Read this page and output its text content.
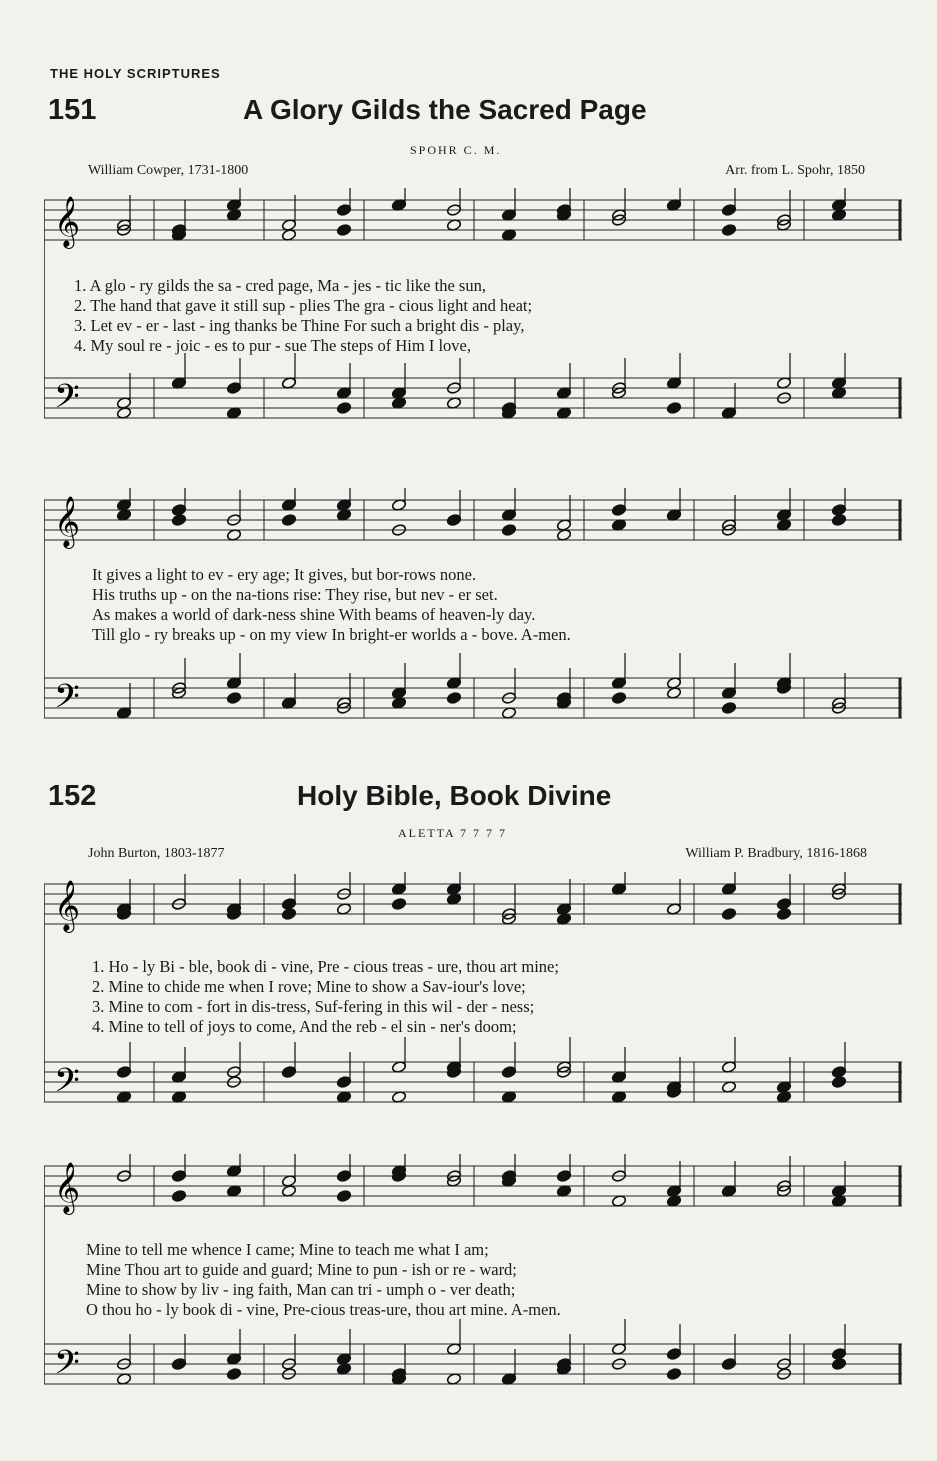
THE HOLY SCRIPTURES
151	A Glory Gilds the Sacred Page
SPOHR C. M.
William Cowper, 1731-1800	Arr. from L. Spohr, 1850
𝄞
𝄢
1. A glo - ry gilds the sa - cred page, Ma - jes - tic like the sun,
2. The hand that gave it still sup - plies The gra - cious light and heat;
3. Let ev - er - last - ing thanks be Thine For such a bright dis - play,
4. My soul re - joic - es to pur - sue The steps of Him I love,
𝄞
𝄢
It gives a light to ev - ery age; It gives, but bor-rows none.
His truths up - on the na-tions rise: They rise, but nev - er set.
As makes a world of dark-ness shine With beams of heaven-ly day.
Till glo - ry breaks up - on my view In bright-er worlds a - bove. A-men.
152	Holy Bible, Book Divine
ALETTA 7 7 7 7
John Burton, 1803-1877	William P. Bradbury, 1816-1868
𝄞
𝄢
1. Ho - ly Bi - ble, book di - vine, Pre - cious treas - ure, thou art mine;
2. Mine to chide me when I rove; Mine to show a Sav-iour's love;
3. Mine to com - fort in dis-tress, Suf-fering in this wil - der - ness;
4. Mine to tell of joys to come, And the reb - el sin - ner's doom;
𝄞
𝄢
Mine to tell me whence I came; Mine to teach me what I am;
Mine Thou art to guide and guard; Mine to pun - ish or re - ward;
Mine to show by liv - ing faith, Man can tri - umph o - ver death;
O thou ho - ly book di - vine, Pre-cious treas-ure, thou art mine. A-men.
